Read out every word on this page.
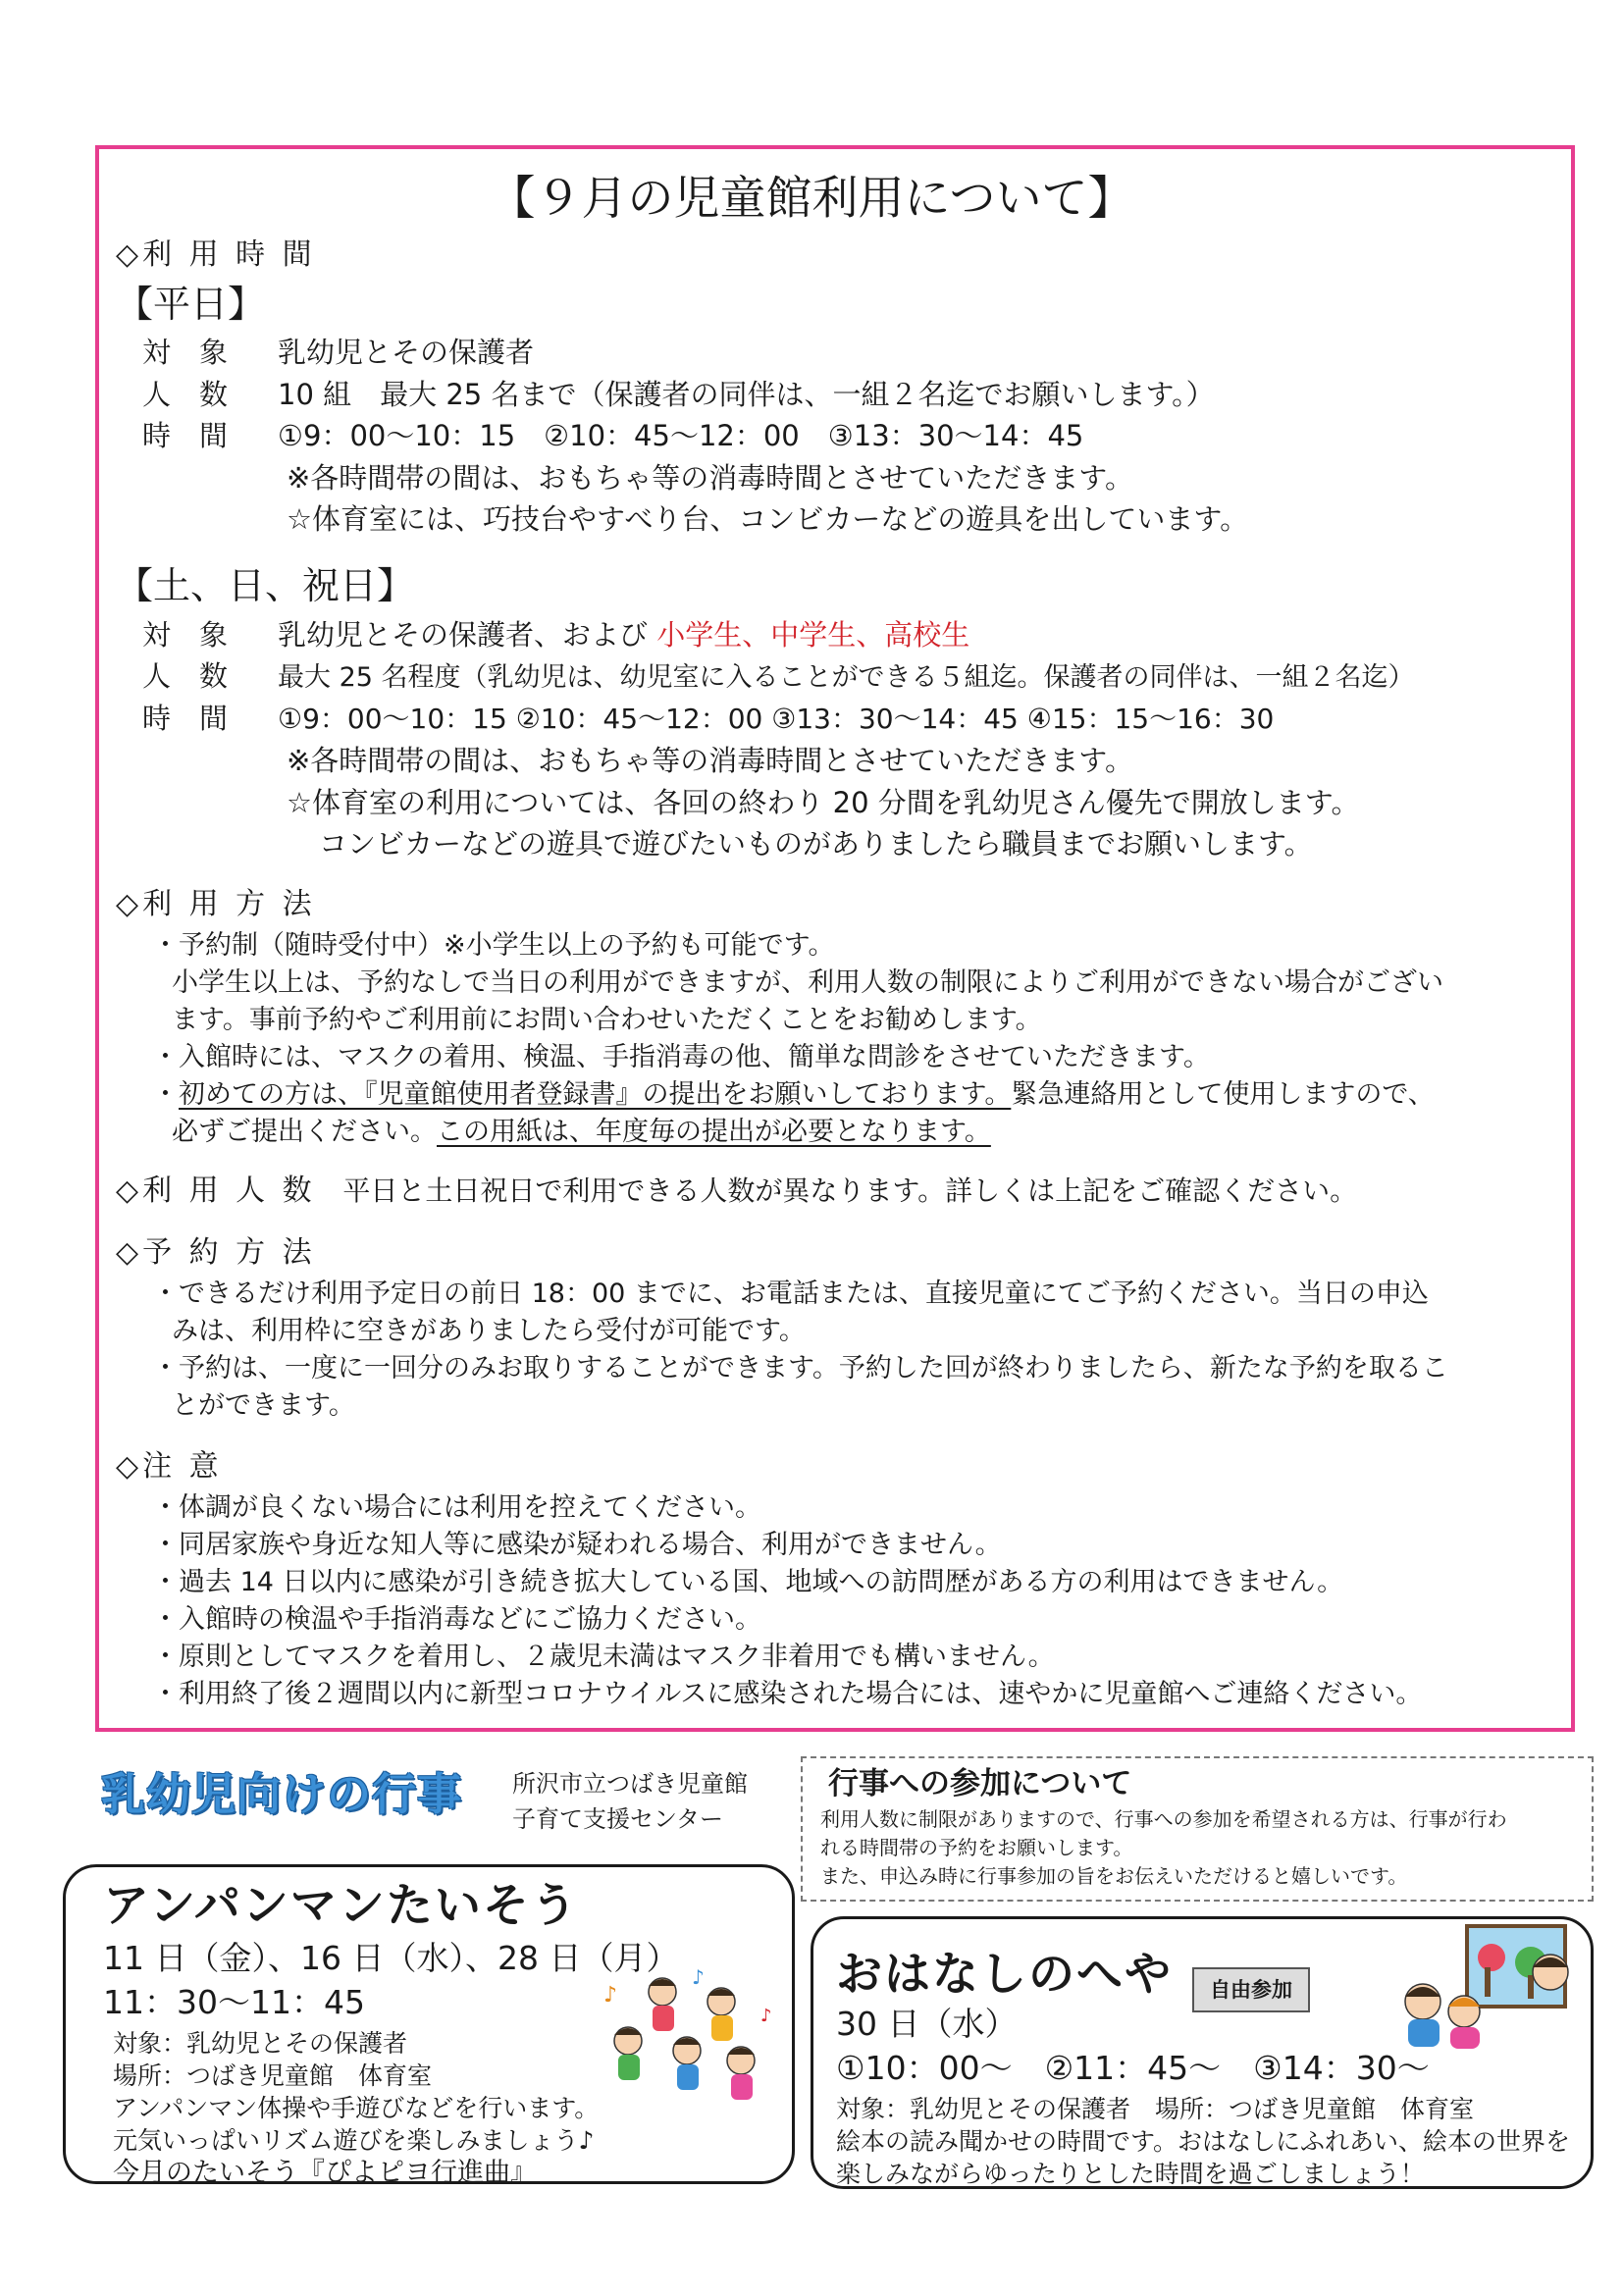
【９月の児童館利用について】
◇利 用 時 間
【平日】
対　象 乳幼児とその保護者
人　数 10 組　最大 25 名まで（保護者の同伴は、一組２名迄でお願いします。）
時　間 ①9：00～10：15　②10：45～12：00　③13：30～14：45
※各時間帯の間は、おもちゃ等の消毒時間とさせていただきます。
☆体育室には、巧技台やすべり台、コンビカーなどの遊具を出しています。
【土、日、祝日】
対　象 乳幼児とその保護者、および 小学生、中学生、高校生
人　数 最大 25 名程度（乳幼児は、幼児室に入ることができる５組迄。保護者の同伴は、一組２名迄）
時　間 ①9：00～10：15 ②10：45～12：00 ③13：30～14：45 ④15：15～16：30
※各時間帯の間は、おもちゃ等の消毒時間とさせていただきます。
☆体育室の利用については、各回の終わり 20 分間を乳幼児さん優先で開放します。
コンビカーなどの遊具で遊びたいものがありましたら職員までお願いします。
◇利 用 方 法
・予約制（随時受付中）※小学生以上の予約も可能です。
小学生以上は、予約なしで当日の利用ができますが、利用人数の制限によりご利用ができない場合がござい
ます。事前予約やご利用前にお問い合わせいただくことをお勧めします。
・入館時には、マスクの着用、検温、手指消毒の他、簡単な問診をさせていただきます。
・初めての方は、『児童館使用者登録書』の提出をお願いしております。緊急連絡用として使用しますので、
必ずご提出ください。この用紙は、年度毎の提出が必要となります。
◇利 用 人 数 平日と土日祝日で利用できる人数が異なります。詳しくは上記をご確認ください。
◇予 約 方 法
・できるだけ利用予定日の前日 18：00 までに、お電話または、直接児童にてご予約ください。当日の申込
みは、利用枠に空きがありましたら受付が可能です。
・予約は、一度に一回分のみお取りすることができます。予約した回が終わりましたら、新たな予約を取るこ
とができます。
◇注 意
・体調が良くない場合には利用を控えてください。
・同居家族や身近な知人等に感染が疑われる場合、利用ができません。
・過去 14 日以内に感染が引き続き拡大している国、地域への訪問歴がある方の利用はできません。
・入館時の検温や手指消毒などにご協力ください。
・原則としてマスクを着用し、２歳児未満はマスク非着用でも構いません。
・利用終了後２週間以内に新型コロナウイルスに感染された場合には、速やかに児童館へご連絡ください。
乳幼児向けの行事 所沢市立つばき児童館
子育て支援センター
行事への参加について
利用人数に制限がありますので、行事への参加を希望される方は、行事が行わ
れる時間帯の予約をお願いします。
また、申込み時に行事参加の旨をお伝えいただけると嬉しいです。
アンパンマンたいそう
11 日（金）、16 日（水）、28 日（月）
11：30～11：45
対象：乳幼児とその保護者
場所：つばき児童館　体育室
アンパンマン体操や手遊びなどを行います。
元気いっぱいリズム遊びを楽しみましょう♪
今月のたいそう『ぴよピヨ行進曲』
♪
♪
♪
おはなしのへや	自由参加
30 日（水）
①10：00～　②11：45～　③14：30～
対象：乳幼児とその保護者　場所：つばき児童館　体育室
絵本の読み聞かせの時間です。おはなしにふれあい、絵本の世界を
楽しみながらゆったりとした時間を過ごしましょう！
